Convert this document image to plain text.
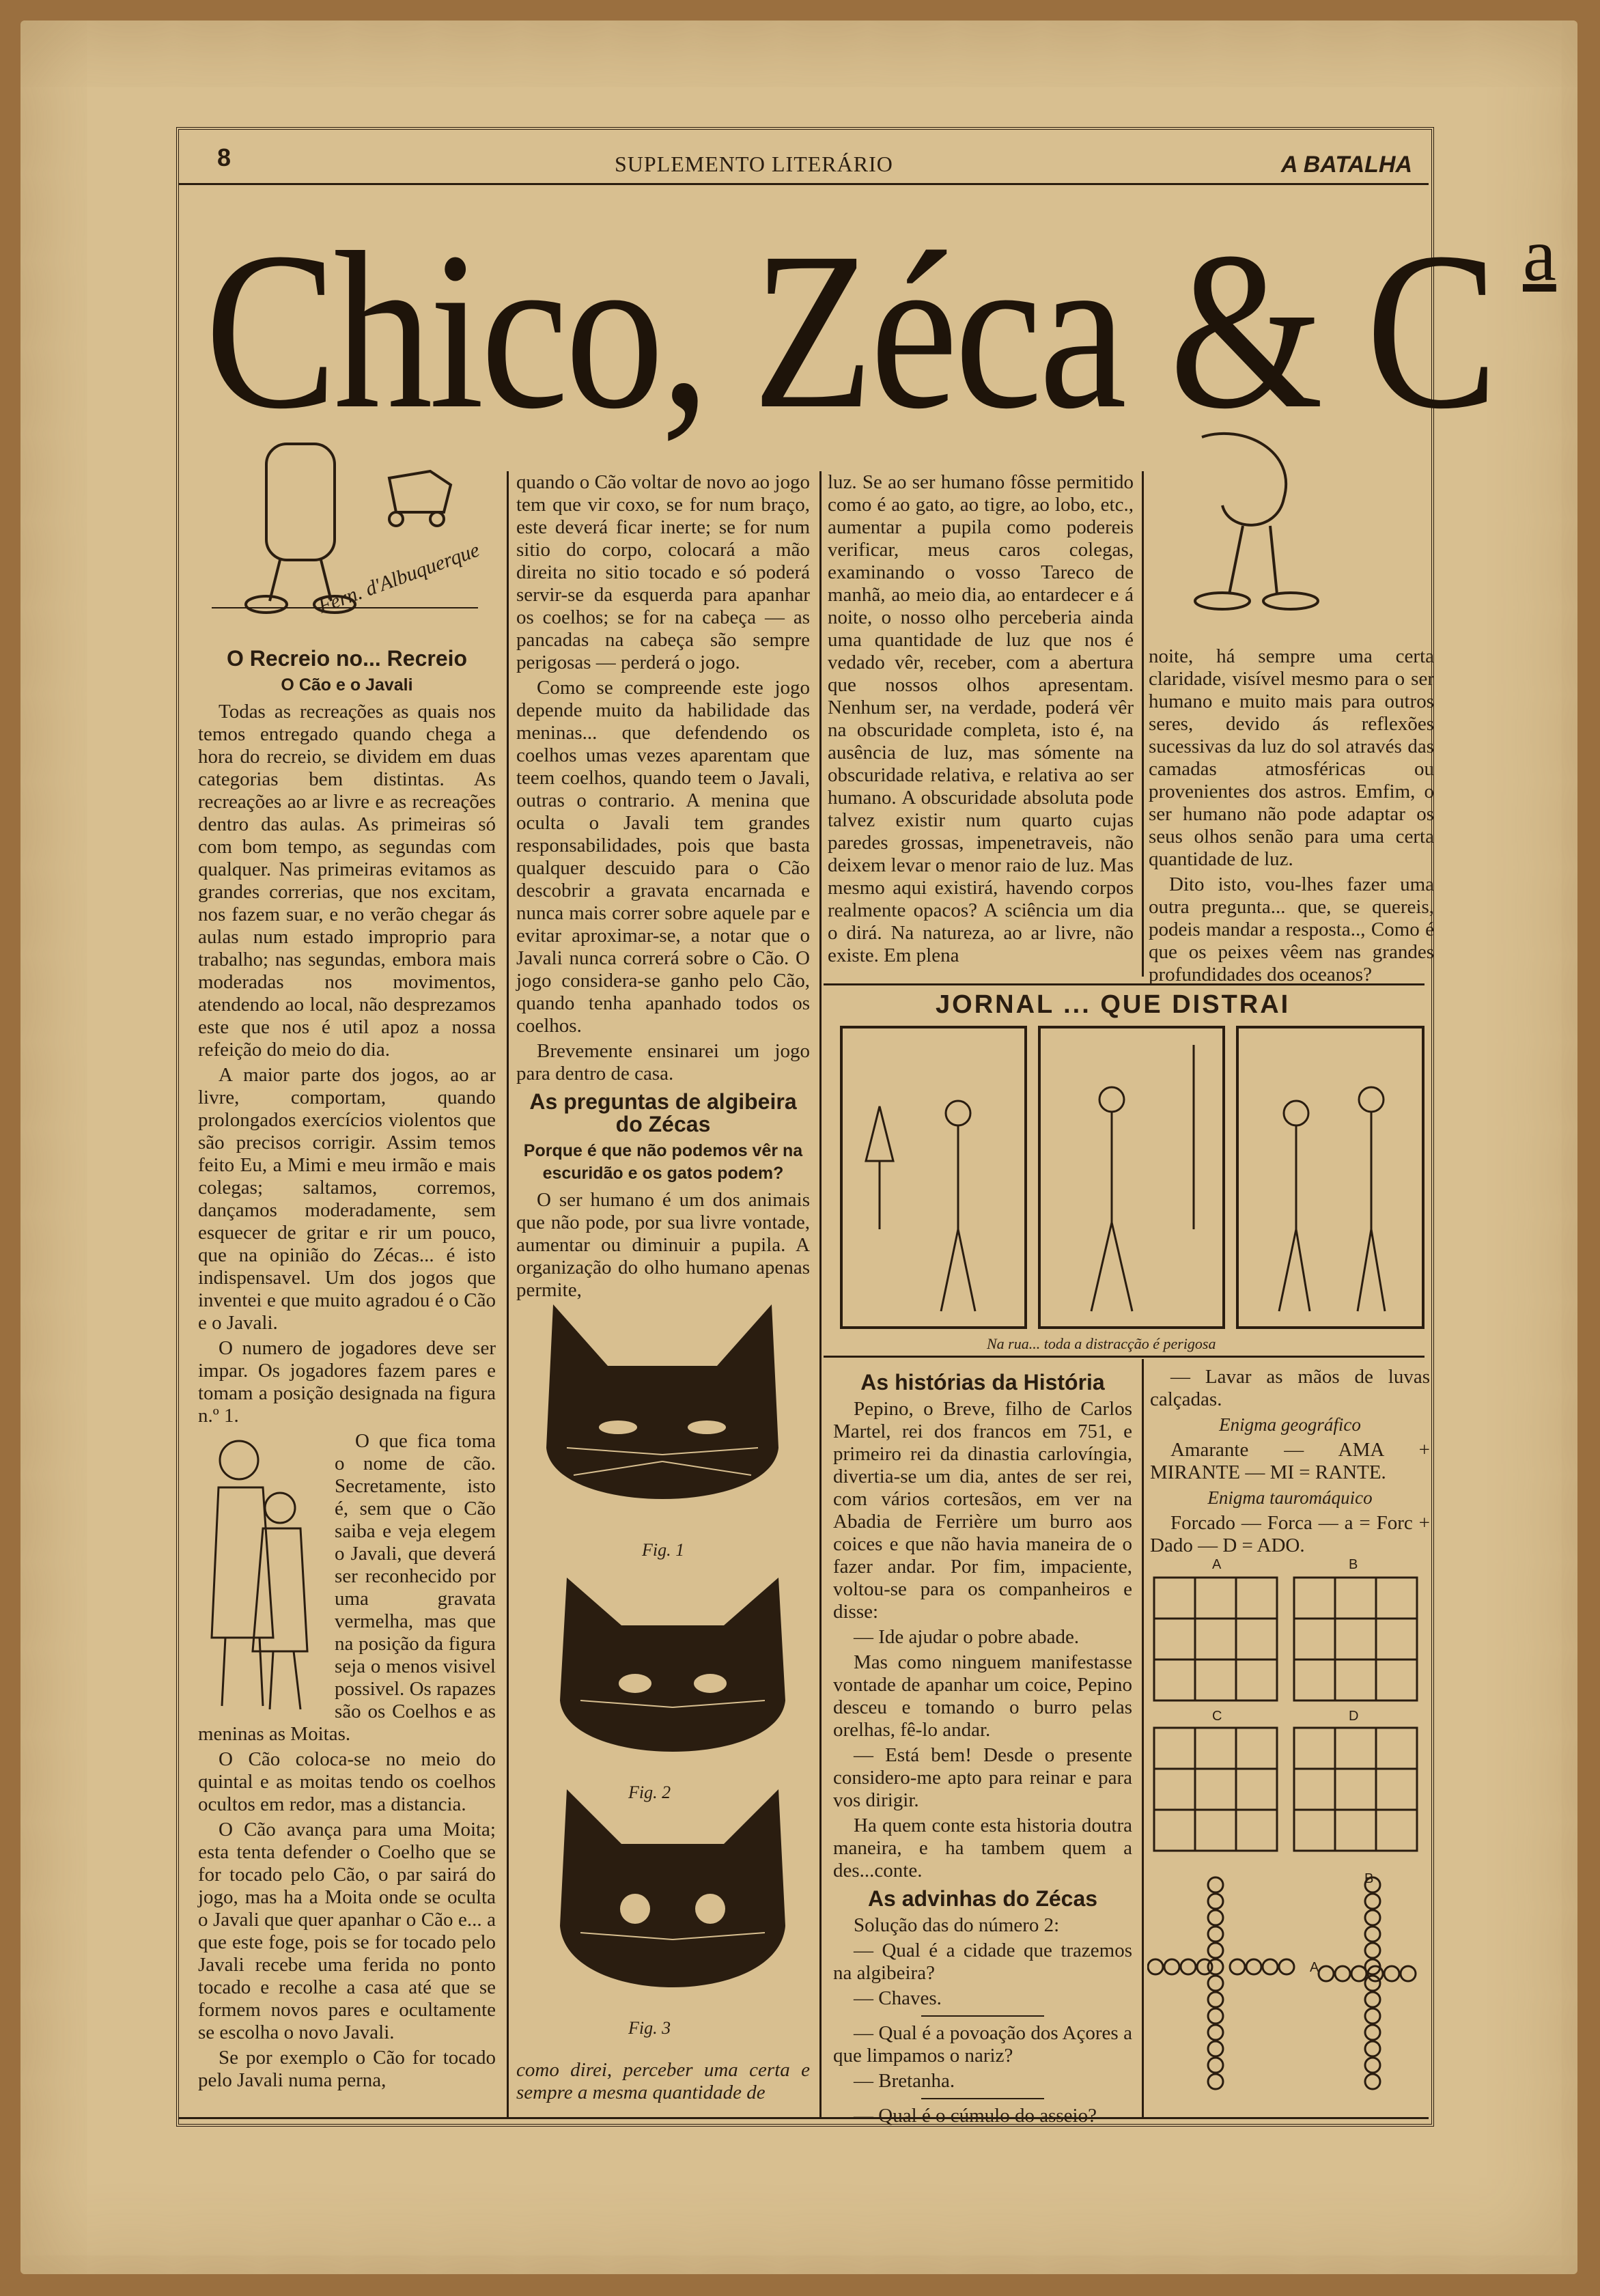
8	SUPLEMENTO LITERÁRIO	A BATALHA
Chico, Zéca & C a
Fern. d'Albuquerque
O Recreio no... Recreio
O Cão e o Javali

Todas as recreações as quais nos temos entregado quando chega a hora do recreio, se dividem em duas categorias bem distintas. As recreações ao ar livre e as recreações dentro das aulas. As primeiras só com bom tempo, as segundas com qualquer. Nas primeiras evitamos as grandes correrias, que nos excitam, nos fazem suar, e no verão chegar ás aulas num estado improprio para trabalho; nas segundas, embora mais moderadas nos movimentos, atendendo ao local, não desprezamos este que nos é util apoz a nossa refeição do meio do dia.

A maior parte dos jogos, ao ar livre, comportam, quando prolongados exercícios violentos que são precisos corrigir. Assim temos feito Eu, a Mimi e meu irmão e mais colegas; saltamos, corremos, dançamos moderadamente, sem esquecer de gritar e rir um pouco, que na opinião do Zécas... é isto indispensavel. Um dos jogos que inventei e que muito agradou é o Cão e o Javali.

O numero de jogadores deve ser impar. Os jogadores fazem pares e tomam a posição designada na figura n.º 1.

O que fica toma o nome de cão. Secretamente, isto é, sem que o Cão saiba e veja elegem o Javali, que deverá ser reconhecido por uma gravata vermelha, mas que na posição da figura seja o menos visivel possivel. Os rapazes são os Coelhos e as meninas as Moitas.

O Cão coloca-se no meio do quintal e as moitas tendo os coelhos ocultos em redor, mas a distancia.

O Cão avança para uma Moita; esta tenta defender o Coelho que se for tocado pelo Cão, o par sairá do jogo, mas ha a Moita onde se oculta o Javali que quer apanhar o Cão e... a que este foge, pois se for tocado pelo Javali recebe uma ferida no ponto tocado e recolhe a casa até que se formem novos pares e ocultamente se escolha o novo Javali.

Se por exemplo o Cão for tocado pelo Javali numa perna,

quando o Cão voltar de novo ao jogo tem que vir coxo, se for num braço, este deverá ficar inerte; se for num sitio do corpo, colocará a mão direita no sitio tocado e só poderá servir-se da esquerda para apanhar os coelhos; se for na cabeça — as pancadas na cabeça são sempre perigosas — perderá o jogo.

Como se compreende este jogo depende muito da habilidade das meninas... que defendendo os coelhos umas vezes aparentam que teem coelhos, quando teem o Javali, outras o contrario. A menina que oculta o Javali tem grandes responsabilidades, pois que basta qualquer descuido para o Cão descobrir a gravata encarnada e nunca mais correr sobre aquele par e evitar aproximar-se, a notar que o Javali nunca correrá sobre o Cão. O jogo considera-se ganho pelo Cão, quando tenha apanhado todos os coelhos.

Brevemente ensinarei um jogo para dentro de casa.

As preguntas de algibeira do Zécas
Porque é que não podemos vêr na escuridão e os gatos podem?

O ser humano é um dos animais que não pode, por sua livre vontade, aumentar ou diminuir a pupila. A organização do olho humano apenas permite,

Fig. 1
Fig. 2
Fig. 3

como direi, perceber uma certa e sempre a mesma quantidade de

luz. Se ao ser humano fôsse permitido como é ao gato, ao tigre, ao lobo, etc., aumentar a pupila como podereis verificar, meus caros colegas, examinando o vosso Tareco de manhã, ao meio dia, ao entardecer e á noite, o nosso olho perceberia ainda uma quantidade de luz que nos é vedado vêr, receber, com a abertura que nossos olhos apresentam. Nenhum ser, na verdade, poderá vêr na obscuridade completa, isto é, na ausência de luz, mas sómente na obscuridade relativa, e relativa ao ser humano. A obscuridade absoluta pode talvez existir num quarto cujas paredes grossas, impenetraveis, não deixem levar o menor raio de luz. Mas mesmo aqui existirá, havendo corpos realmente opacos? A sciência um dia o dirá. Na natureza, ao ar livre, não existe. Em plena

noite, há sempre uma certa claridade, visível mesmo para o ser humano e muito mais para outros seres, devido ás reflexões sucessivas da luz do sol através das camadas atmosféricas ou provenientes dos astros. Emfim, o ser humano não pode adaptar os seus olhos senão para uma certa quantidade de luz.

Dito isto, vou-lhes fazer uma outra pregunta... que, se quereis, podeis mandar a resposta.., Como é que os peixes vêem nas grandes profundidades dos oceanos?

JORNAL ... QUE DISTRAI
Na rua... toda a distracção é perigosa
As histórias da História

Pepino, o Breve, filho de Carlos Martel, rei dos francos em 751, e primeiro rei da dinastia carlovíngia, divertia-se um dia, antes de ser rei, com vários cortesãos, em ver na Abadia de Ferrière um burro aos coices e que não havia maneira de o fazer andar. Por fim, impaciente, voltou-se para os companheiros e disse:

— Ide ajudar o pobre abade.

Mas como ninguem manifestasse vontade de apanhar um coice, Pepino desceu e tomando o burro pelas orelhas, fê-lo andar.

— Está bem! Desde o presente considero-me apto para reinar e para vos dirigir.

Ha quem conte esta historia doutra maneira, e ha tambem quem a des...conte.

As advinhas do Zécas

Solução das do número 2:

— Qual é a cidade que trazemos na algibeira?

— Chaves.

— Qual é a povoação dos Açores a que limpamos o nariz?

— Bretanha.

— Qual é o cúmulo do asseio?

— Lavar as mãos de luvas calçadas.

Enigma geográfico

Amarante — AMA + MIRANTE — MI = RANTE.

Enigma tauromáquico

Forcado — Forca — a = Forc + Dado — D = ADO.

A	B
C	D
A
B
